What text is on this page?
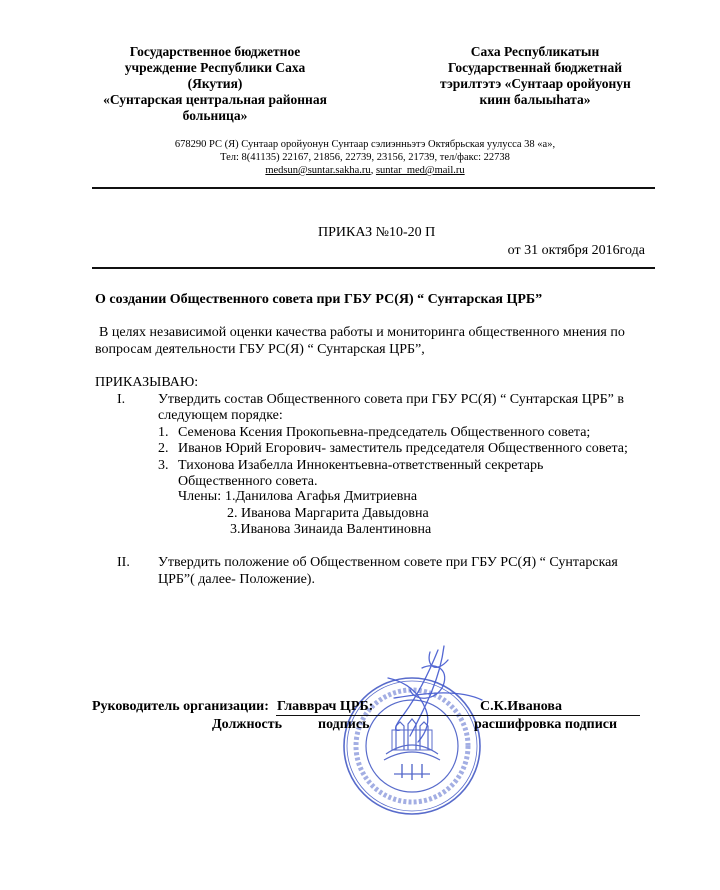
Государственное бюджетное
учреждение Республики Саха
(Якутия)
«Сунтарская центральная районная
больница»
Саха Республикатын
Государственнай бюджетнай
тэрилтэтэ «Сунтаар оройуонун
киин балыыһата»
678290 РС (Я) Сунтаар оройуонун Сунтаар сэлиэнньэтэ Октябрьская уулусса 38 «а»,
Тел: 8(41135) 22167, 21856, 22739, 23156, 21739, тел/факс: 22738
medsun@suntar.sakha.ru, suntar_med@mail.ru
ПРИКАЗ №10-20 П
от 31 октября 2016года
О создании Общественного совета при ГБУ РС(Я) “ Сунтарская ЦРБ”
В целях независимой оценки качества работы и мониторинга общественного мнения по
вопросам деятельности ГБУ РС(Я) “ Сунтарская ЦРБ”,
ПРИКАЗЫВАЮ:
I. Утвердить состав Общественного совета при ГБУ РС(Я) “ Сунтарская ЦРБ” в
следующем порядке:
1. Семенова Ксения Прокопьевна-председатель Общественного совета;
2. Иванов Юрий Егорович- заместитель председателя Общественного совета;
3. Тихонова Изабелла Иннокентьевна-ответственный секретарь
Общественного совета.
Члены: 1.Данилова Агафья Дмитриевна
2. Иванова Маргарита Давыдовна
3.Иванова Зинаида Валентиновна
II. Утвердить положение об Общественном совете при ГБУ РС(Я) “ Сунтарская
ЦРБ”( далее- Положение).
Руководитель организации: Главврач ЦРБ:	С.К.Иванова
Должность	подпись	расшифровка подписи
